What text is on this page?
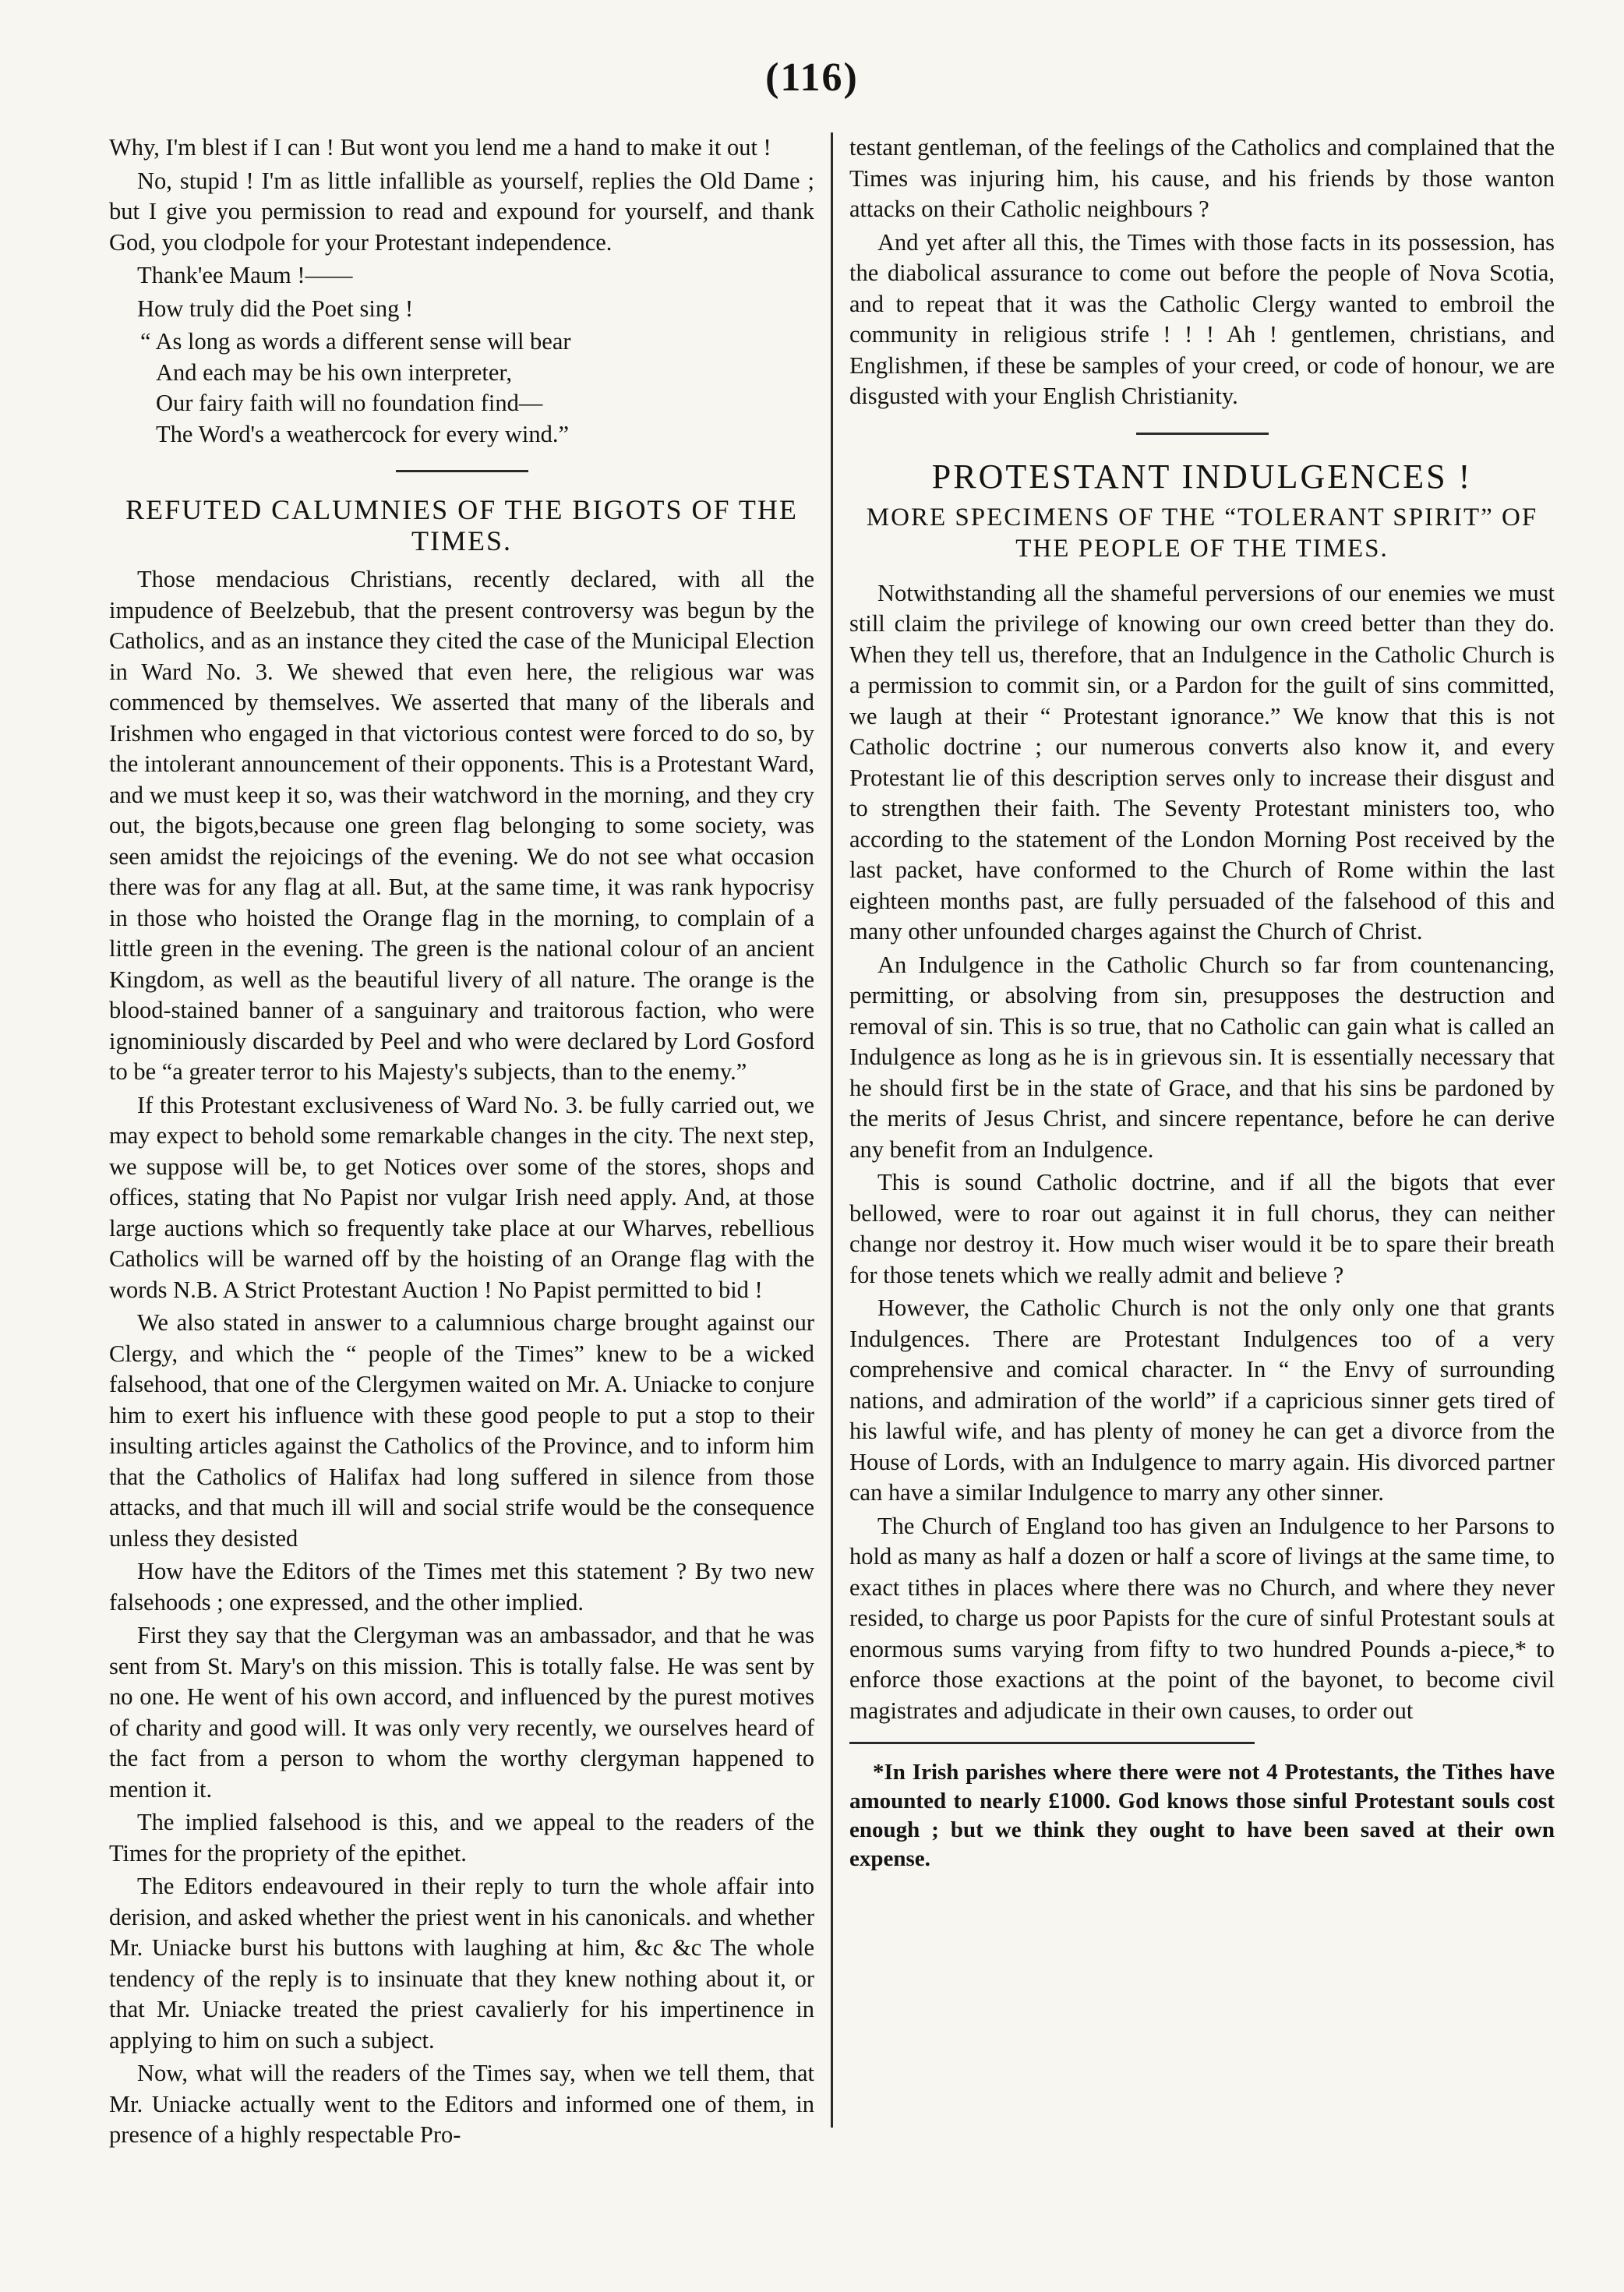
(116)

Why, I'm blest if I can ! But wont you lend me a hand to make it out !

No, stupid ! I'm as little infallible as yourself, replies the Old Dame ; but I give you permission to read and expound for yourself, and thank God, you clodpole for your Protestant independence.

Thank'ee Maum !——

How truly did the Poet sing !

“ As long as words a different sense will bear

And each may be his own interpreter,

Our fairy faith will no foundation find—

The Word's a weathercock for every wind.”

REFUTED CALUMNIES OF THE BIGOTS OF THE TIMES.

Those mendacious Christians, recently declared, with all the impudence of Beelzebub, that the present controversy was begun by the Catholics, and as an instance they cited the case of the Municipal Election in Ward No. 3. We shewed that even here, the religious war was commenced by themselves. We asserted that many of the liberals and Irishmen who engaged in that victorious contest were forced to do so, by the intolerant announcement of their opponents. This is a Protestant Ward, and we must keep it so, was their watchword in the morning, and they cry out, the bigots,because one green flag belonging to some society, was seen amidst the rejoicings of the evening. We do not see what occasion there was for any flag at all. But, at the same time, it was rank hypocrisy in those who hoisted the Orange flag in the morning, to complain of a little green in the evening. The green is the national colour of an ancient Kingdom, as well as the beautiful livery of all nature. The orange is the blood-stained banner of a sanguinary and traitorous faction, who were ignominiously discarded by Peel and who were declared by Lord Gosford to be “a greater terror to his Majesty's subjects, than to the enemy.”

If this Protestant exclusiveness of Ward No. 3. be fully carried out, we may expect to behold some remarkable changes in the city. The next step, we suppose will be, to get Notices over some of the stores, shops and offices, stating that No Papist nor vulgar Irish need apply. And, at those large auctions which so frequently take place at our Wharves, rebellious Catholics will be warned off by the hoisting of an Orange flag with the words N.B. A Strict Protestant Auction ! No Papist permitted to bid !

We also stated in answer to a calumnious charge brought against our Clergy, and which the “ people of the Times” knew to be a wicked falsehood, that one of the Clergymen waited on Mr. A. Uniacke to conjure him to exert his influence with these good people to put a stop to their insulting articles against the Catholics of the Province, and to inform him that the Catholics of Halifax had long suffered in silence from those attacks, and that much ill will and social strife would be the consequence unless they desisted

How have the Editors of the Times met this statement ? By two new falsehoods ; one expressed, and the other implied.

First they say that the Clergyman was an ambassador, and that he was sent from St. Mary's on this mission. This is totally false. He was sent by no one. He went of his own accord, and influenced by the purest motives of charity and good will. It was only very recently, we ourselves heard of the fact from a person to whom the worthy clergyman happened to mention it.

The implied falsehood is this, and we appeal to the readers of the Times for the propriety of the epithet.

The Editors endeavoured in their reply to turn the whole affair into derision, and asked whether the priest went in his canonicals. and whether Mr. Uniacke burst his buttons with laughing at him, &c &c The whole tendency of the reply is to insinuate that they knew nothing about it, or that Mr. Uniacke treated the priest cavalierly for his impertinence in applying to him on such a subject.

Now, what will the readers of the Times say, when we tell them, that Mr. Uniacke actually went to the Editors and informed one of them, in presence of a highly respectable Pro-

testant gentleman, of the feelings of the Catholics and complained that the Times was injuring him, his cause, and his friends by those wanton attacks on their Catholic neighbours ?

And yet after all this, the Times with those facts in its possession, has the diabolical assurance to come out before the people of Nova Scotia, and to repeat that it was the Catholic Clergy wanted to embroil the community in religious strife ! ! ! Ah ! gentlemen, christians, and Englishmen, if these be samples of your creed, or code of honour, we are disgusted with your English Christianity.

PROTESTANT INDULGENCES !
MORE SPECIMENS OF THE “TOLERANT SPIRIT” OF THE PEOPLE OF THE TIMES.

Notwithstanding all the shameful perversions of our enemies we must still claim the privilege of knowing our own creed better than they do. When they tell us, therefore, that an Indulgence in the Catholic Church is a permission to commit sin, or a Pardon for the guilt of sins committed, we laugh at their “ Protestant ignorance.” We know that this is not Catholic doctrine ; our numerous converts also know it, and every Protestant lie of this description serves only to increase their disgust and to strengthen their faith. The Seventy Protestant ministers too, who according to the statement of the London Morning Post received by the last packet, have conformed to the Church of Rome within the last eighteen months past, are fully persuaded of the falsehood of this and many other unfounded charges against the Church of Christ.

An Indulgence in the Catholic Church so far from countenancing, permitting, or absolving from sin, presupposes the destruction and removal of sin. This is so true, that no Catholic can gain what is called an Indulgence as long as he is in grievous sin. It is essentially necessary that he should first be in the state of Grace, and that his sins be pardoned by the merits of Jesus Christ, and sincere repentance, before he can derive any benefit from an Indulgence.

This is sound Catholic doctrine, and if all the bigots that ever bellowed, were to roar out against it in full chorus, they can neither change nor destroy it. How much wiser would it be to spare their breath for those tenets which we really admit and believe ?

However, the Catholic Church is not the only only one that grants Indulgences. There are Protestant Indulgences too of a very comprehensive and comical character. In “ the Envy of surrounding nations, and admiration of the world” if a capricious sinner gets tired of his lawful wife, and has plenty of money he can get a divorce from the House of Lords, with an Indulgence to marry again. His divorced partner can have a similar Indulgence to marry any other sinner.

The Church of England too has given an Indulgence to her Parsons to hold as many as half a dozen or half a score of livings at the same time, to exact tithes in places where there was no Church, and where they never resided, to charge us poor Papists for the cure of sinful Protestant souls at enormous sums varying from fifty to two hundred Pounds a-piece,* to enforce those exactions at the point of the bayonet, to become civil magistrates and adjudicate in their own causes, to order out

*In Irish parishes where there were not 4 Protestants, the Tithes have amounted to nearly £1000. God knows those sinful Protestant souls cost enough ; but we think they ought to have been saved at their own expense.
